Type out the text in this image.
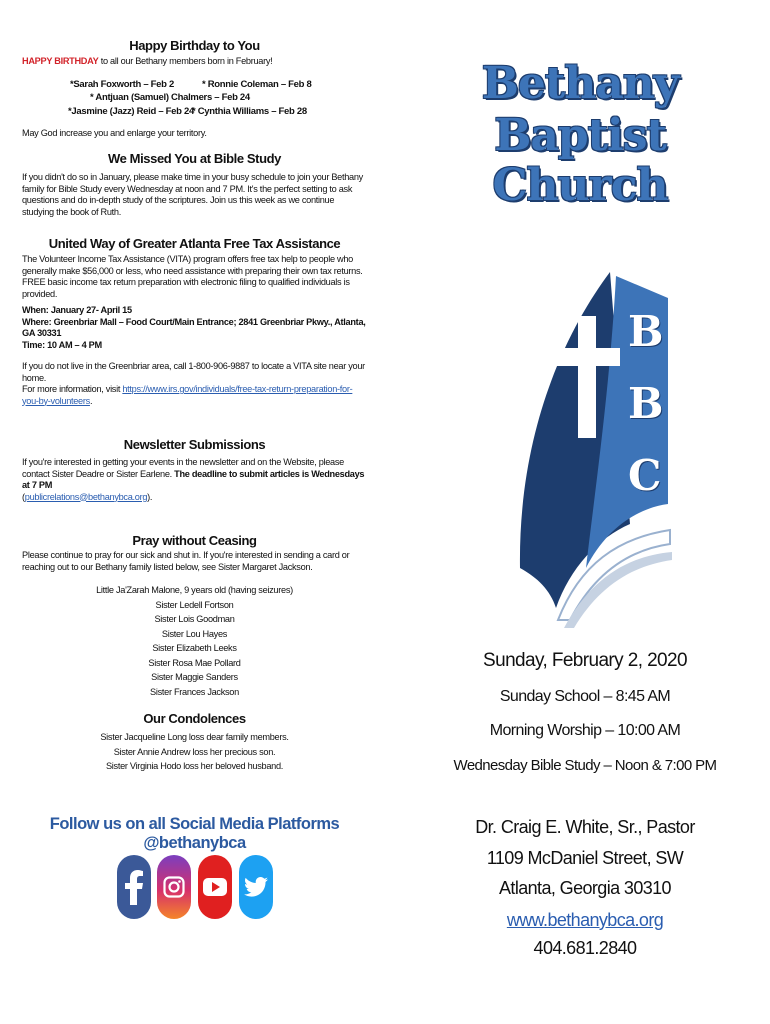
Happy Birthday to You
HAPPY BIRTHDAY to all our Bethany members born in February!
*Sarah Foxworth – Feb 2	* Ronnie Coleman – Feb 8
* Antjuan (Samuel) Chalmers – Feb 24
*Jasmine (Jazz) Reid – Feb 24
* Cynthia Williams – Feb 28
May God increase you and enlarge your territory.
We Missed You at Bible Study
If you didn't do so in January, please make time in your busy schedule to join your Bethany family for Bible Study every Wednesday at noon and 7 PM. It's the perfect setting to ask questions and do in-depth study of the scriptures. Join us this week as we continue studying the book of Ruth.
United Way of Greater Atlanta Free Tax Assistance
The Volunteer Income Tax Assistance (VITA) program offers free tax help to people who generally make $56,000 or less, who need assistance with preparing their own tax returns. FREE basic income tax return preparation with electronic filing to qualified individuals is provided.
When: January 27- April 15
Where: Greenbriar Mall – Food Court/Main Entrance; 2841 Greenbriar Pkwy., Atlanta, GA 30331
Time: 10 AM – 4 PM
If you do not live in the Greenbriar area, call 1-800-906-9887 to locate a VITA site near your home.
For more information, visit https://www.irs.gov/individuals/free-tax-return-preparation-for-you-by-volunteers.
Newsletter Submissions
If you're interested in getting your events in the newsletter and on the Website, please contact Sister Deadre or Sister Earlene. The deadline to submit articles is Wednesdays at 7 PM
(publicrelations@bethanybca.org).
Pray without Ceasing
Please continue to pray for our sick and shut in. If you're interested in sending a card or reaching out to our Bethany family listed below, see Sister Margaret Jackson.
Little Ja'Zarah Malone, 9 years old (having seizures)
Sister Ledell Fortson
Sister Lois Goodman
Sister Lou Hayes
Sister Elizabeth Leeks
Sister Rosa Mae Pollard
Sister Maggie Sanders
Sister Frances Jackson
Our Condolences
Sister Jacqueline Long loss dear family members.
Sister Annie Andrew loss her precious son.
Sister Virginia Hodo loss her beloved husband.
Follow us on all Social Media Platforms @bethanybca
Bethany Baptist
Church
B
B
C
Sunday, February 2, 2020
Sunday School – 8:45 AM
Morning Worship – 10:00 AM
Wednesday Bible Study – Noon & 7:00 PM
Dr. Craig E. White, Sr., Pastor
1109 McDaniel Street, SW
Atlanta, Georgia 30310
www.bethanybca.org
404.681.2840
